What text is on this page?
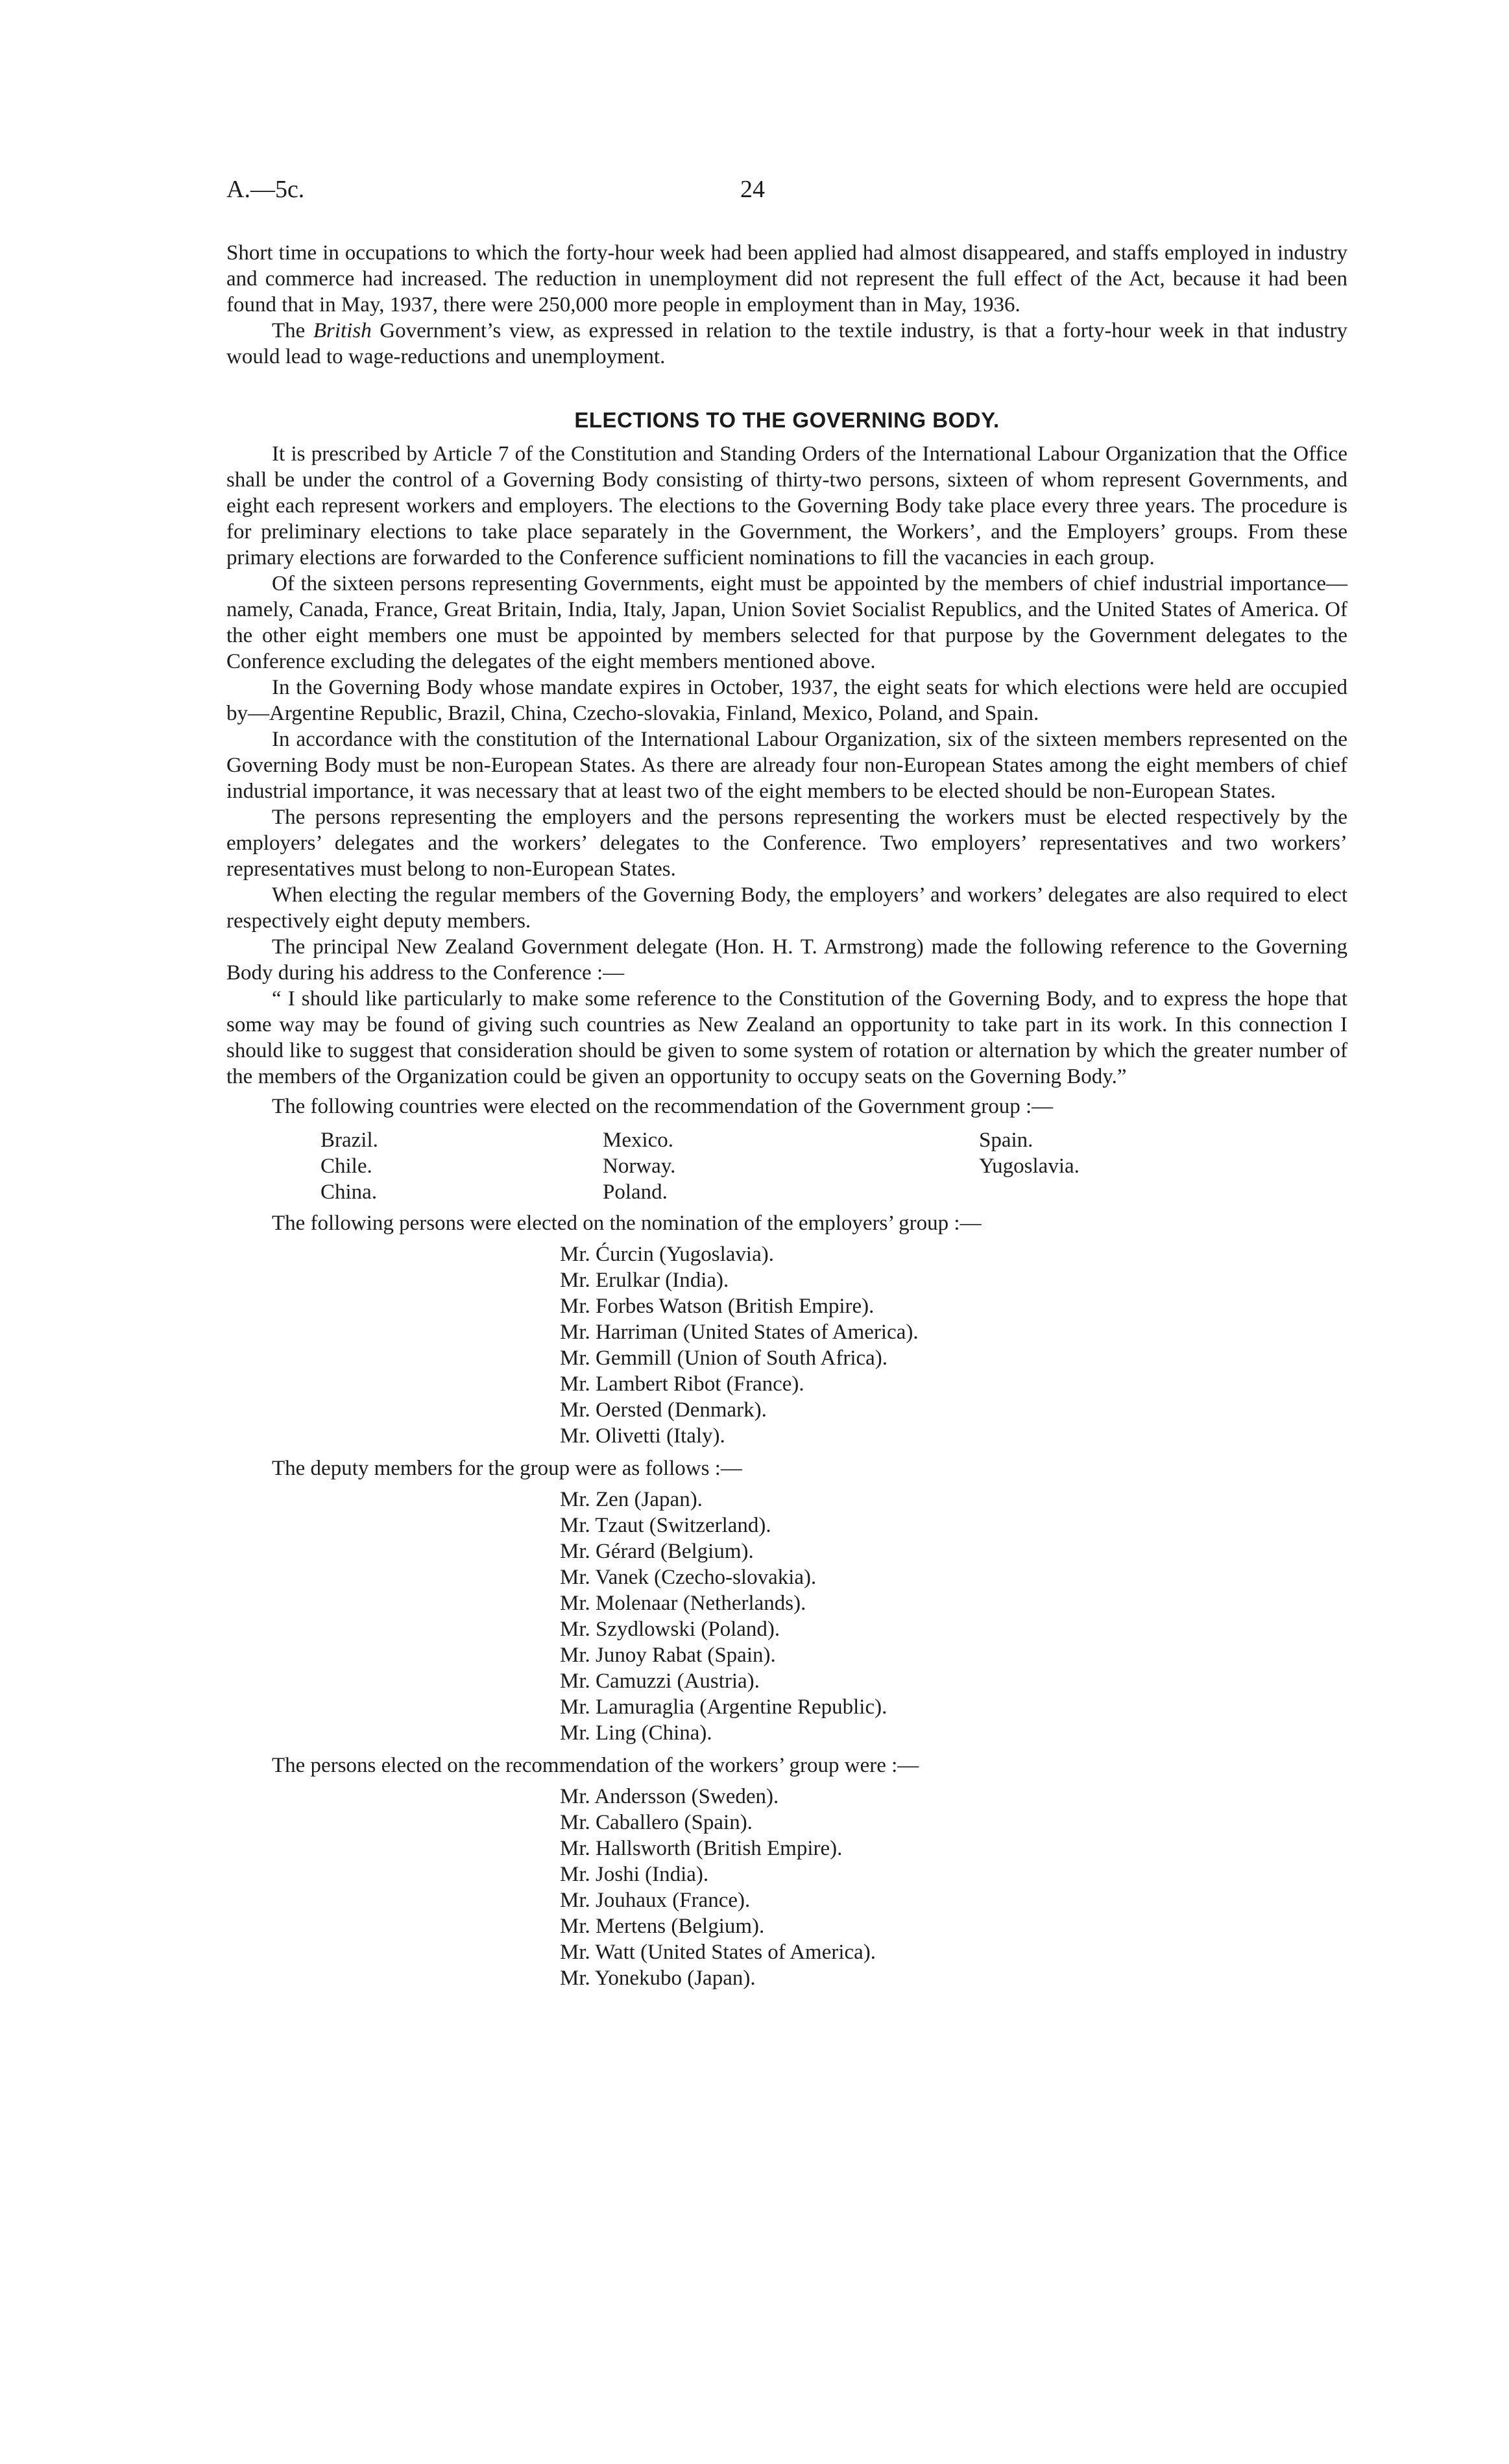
A.—5c.	24

Short time in occupations to which the forty-hour week had been applied had almost disappeared, and staffs employed in industry and commerce had increased. The reduction in unemployment did not represent the full effect of the Act, because it had been found that in May, 1937, there were 250,000 more people in employment than in May, 1936.

The British Government’s view, as expressed in relation to the textile industry, is that a forty-hour week in that industry would lead to wage-reductions and unemployment.

ELECTIONS TO THE GOVERNING BODY.

It is prescribed by Article 7 of the Constitution and Standing Orders of the International Labour Organization that the Office shall be under the control of a Governing Body consisting of thirty-two persons, sixteen of whom represent Governments, and eight each represent workers and employers. The elections to the Governing Body take place every three years. The procedure is for preliminary elections to take place separately in the Government, the Workers’, and the Employers’ groups. From these primary elections are forwarded to the Conference sufficient nominations to fill the vacancies in each group.

Of the sixteen persons representing Governments, eight must be appointed by the members of chief industrial importance—namely, Canada, France, Great Britain, India, Italy, Japan, Union Soviet Socialist Republics, and the United States of America. Of the other eight members one must be appointed by members selected for that purpose by the Government delegates to the Conference excluding the delegates of the eight members mentioned above.

In the Governing Body whose mandate expires in October, 1937, the eight seats for which elections were held are occupied by—Argentine Republic, Brazil, China, Czecho-slovakia, Finland, Mexico, Poland, and Spain.

In accordance with the constitution of the International Labour Organization, six of the sixteen members represented on the Governing Body must be non-European States. As there are already four non-European States among the eight members of chief industrial importance, it was necessary that at least two of the eight members to be elected should be non-European States.

The persons representing the employers and the persons representing the workers must be elected respectively by the employers’ delegates and the workers’ delegates to the Conference. Two employers’ representatives and two workers’ representatives must belong to non-European States.

When electing the regular members of the Governing Body, the employers’ and workers’ delegates are also required to elect respectively eight deputy members.

The principal New Zealand Government delegate (Hon. H. T. Armstrong) made the following reference to the Governing Body during his address to the Conference :—

“ I should like particularly to make some reference to the Constitution of the Governing Body, and to express the hope that some way may be found of giving such countries as New Zealand an opportunity to take part in its work. In this connection I should like to suggest that consideration should be given to some system of rotation or alternation by which the greater number of the members of the Organization could be given an opportunity to occupy seats on the Governing Body.”

The following countries were elected on the recommendation of the Government group :—

Brazil.
Chile.
China.
Mexico.
Norway.
Poland.
Spain.
Yugoslavia.

The following persons were elected on the nomination of the employers’ group :—

Mr. Ćurcin (Yugoslavia).
Mr. Erulkar (India).
Mr. Forbes Watson (British Empire).
Mr. Harriman (United States of America).
Mr. Gemmill (Union of South Africa).
Mr. Lambert Ribot (France).
Mr. Oersted (Denmark).
Mr. Olivetti (Italy).

The deputy members for the group were as follows :—

Mr. Zen (Japan).
Mr. Tzaut (Switzerland).
Mr. Gérard (Belgium).
Mr. Vanek (Czecho-slovakia).
Mr. Molenaar (Netherlands).
Mr. Szydlowski (Poland).
Mr. Junoy Rabat (Spain).
Mr. Camuzzi (Austria).
Mr. Lamuraglia (Argentine Republic).
Mr. Ling (China).

The persons elected on the recommendation of the workers’ group were :—

Mr. Andersson (Sweden).
Mr. Caballero (Spain).
Mr. Hallsworth (British Empire).
Mr. Joshi (India).
Mr. Jouhaux (France).
Mr. Mertens (Belgium).
Mr. Watt (United States of America).
Mr. Yonekubo (Japan).
